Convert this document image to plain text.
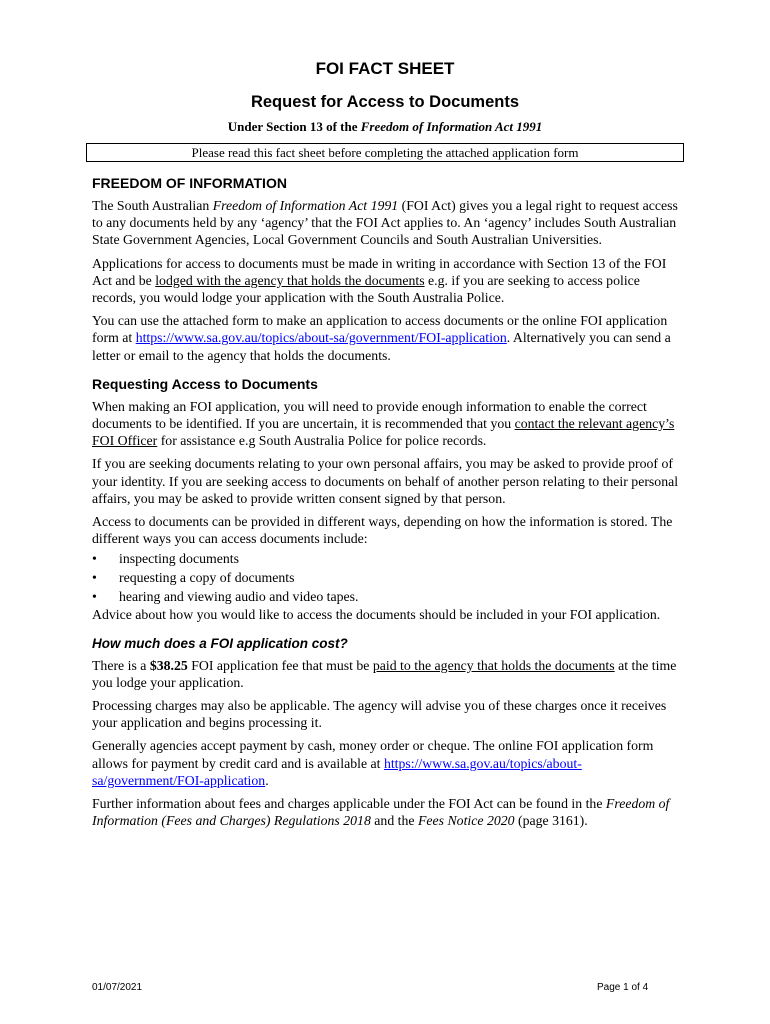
FOI FACT SHEET
Request for Access to Documents
Under Section 13 of the Freedom of Information Act 1991
Please read this fact sheet before completing the attached application form
FREEDOM OF INFORMATION

The South Australian Freedom of Information Act 1991 (FOI Act) gives you a legal right to request access to any documents held by any ‘agency’ that the FOI Act applies to. An ‘agency’ includes South Australian State Government Agencies, Local Government Councils and South Australian Universities.

Applications for access to documents must be made in writing in accordance with Section 13 of the FOI Act and be lodged with the agency that holds the documents e.g. if you are seeking to access police records, you would lodge your application with the South Australia Police.

You can use the attached form to make an application to access documents or the online FOI application form at https://www.sa.gov.au/topics/about-sa/government/FOI-application. Alternatively you can send a letter or email to the agency that holds the documents.

Requesting Access to Documents

When making an FOI application, you will need to provide enough information to enable the correct documents to be identified. If you are uncertain, it is recommended that you contact the relevant agency’s FOI Officer for assistance e.g South Australia Police for police records.

If you are seeking documents relating to your own personal affairs, you may be asked to provide proof of your identity. If you are seeking access to documents on behalf of another person relating to their personal affairs, you may be asked to provide written consent signed by that person.

Access to documents can be provided in different ways, depending on how the information is stored. The different ways you can access documents include:

• inspecting documents
• requesting a copy of documents
• hearing and viewing audio and video tapes.

Advice about how you would like to access the documents should be included in your FOI application.

How much does a FOI application cost?

There is a $38.25 FOI application fee that must be paid to the agency that holds the documents at the time you lodge your application.

Processing charges may also be applicable. The agency will advise you of these charges once it receives your application and begins processing it.

Generally agencies accept payment by cash, money order or cheque. The online FOI application form allows for payment by credit card and is available at https://www.sa.gov.au/topics/about-sa/government/FOI-application.

Further information about fees and charges applicable under the FOI Act can be found in the Freedom of Information (Fees and Charges) Regulations 2018 and the Fees Notice 2020 (page 3161).

01/07/2021	Page 1 of 4
